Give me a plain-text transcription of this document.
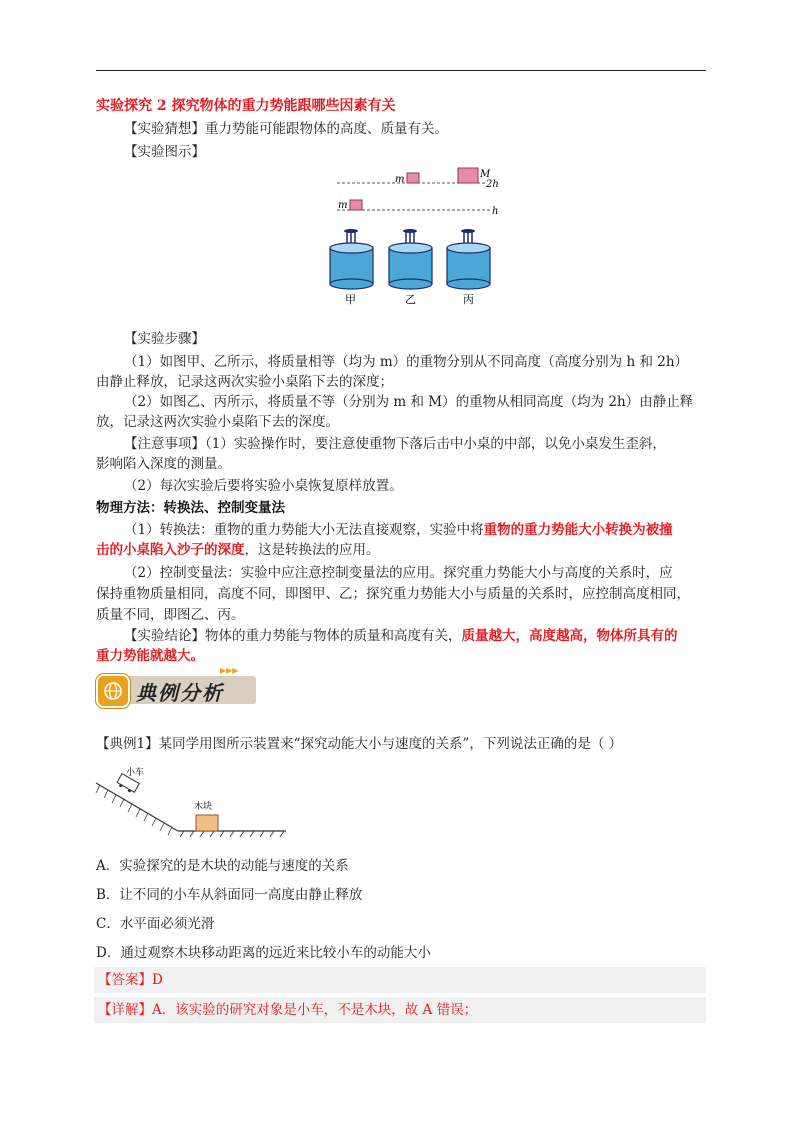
实验探究 2 探究物体的重力势能跟哪些因素有关
【实验猜想】重力势能可能跟物体的高度、质量有关。
【实验图示】
m	M
2h
m
h
甲	乙	丙
【实验步骤】
（1）如图甲、乙所示，将质量相等（均为 m）的重物分别从不同高度（高度分别为 h 和 2h）
由静止释放，记录这两次实验小桌陷下去的深度；
（2）如图乙、丙所示，将质量不等（分别为 m 和 M）的重物从相同高度（均为 2h）由静止释
放，记录这两次实验小桌陷下去的深度。
【注意事项】（1）实验操作时，要注意使重物下落后击中小桌的中部，以免小桌发生歪斜，
影响陷入深度的测量。
（2）每次实验后要将实验小桌恢复原样放置。
物理方法：转换法、控制变量法
（1）转换法：重物的重力势能大小无法直接观察，实验中将重物的重力势能大小转换为被撞
击的小桌陷入沙子的深度，这是转换法的应用。
（2）控制变量法：实验中应注意控制变量法的应用。探究重力势能大小与高度的关系时，应
保持重物质量相同，高度不同，即图甲、乙；探究重力势能大小与质量的关系时，应控制高度相同，
质量不同，即图乙、丙。
【实验结论】物体的重力势能与物体的质量和高度有关，质量越大，高度越高，物体所具有的
重力势能就越大。
典例分析
▶▶▶
【典例1】某同学用图所示装置来“探究动能大小与速度的关系”，下列说法正确的是（ ）
小车
木块
A．实验探究的是木块的动能与速度的关系
B．让不同的小车从斜面同一高度由静止释放
C．水平面必须光滑
D．通过观察木块移动距离的远近来比较小车的动能大小
【答案】D
【详解】A．该实验的研究对象是小车，不是木块，故 A 错误；
